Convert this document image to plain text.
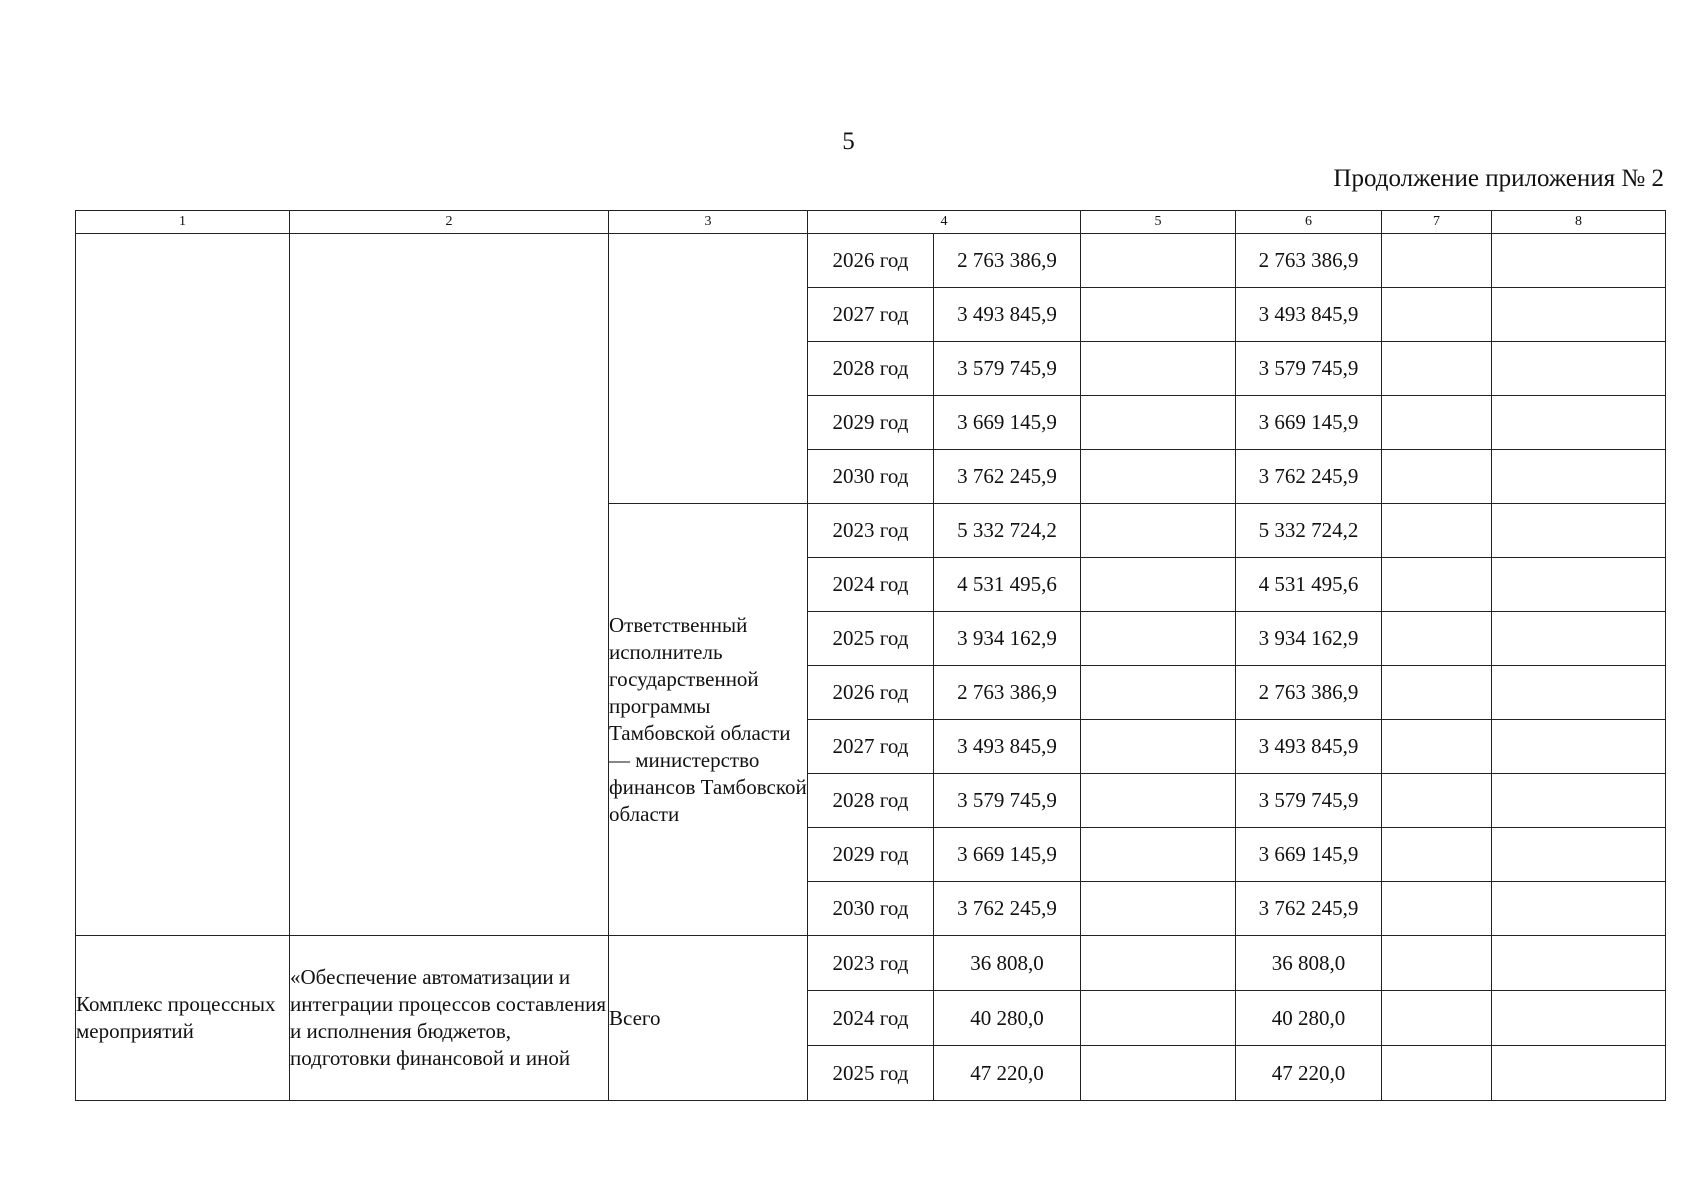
5
Продолжение приложения № 2
1	2	3	4		5	6	7	8
			2026 год	2 763 386,9		2 763 386,9		
			2027 год	3 493 845,9		3 493 845,9		
			2028 год	3 579 745,9		3 579 745,9		
			2029 год	3 669 145,9		3 669 145,9		
			2030 год	3 762 245,9		3 762 245,9		
		Ответственный исполнитель государственной программы Тамбовской области — министерство финансов Тамбовской области	2023 год	5 332 724,2		5 332 724,2		
			2024 год	4 531 495,6		4 531 495,6		
			2025 год	3 934 162,9		3 934 162,9		
			2026 год	2 763 386,9		2 763 386,9		
			2027 год	3 493 845,9		3 493 845,9		
			2028 год	3 579 745,9		3 579 745,9		
			2029 год	3 669 145,9		3 669 145,9		
			2030 год	3 762 245,9		3 762 245,9		
Комплекс процессных мероприятий	«Обеспечение автоматизации и интеграции процессов составления и исполнения бюджетов, подготовки финансовой и иной	Всего	2023 год	36 808,0		36 808,0		
			2024 год	40 280,0		40 280,0		
			2025 год	47 220,0		47 220,0		
